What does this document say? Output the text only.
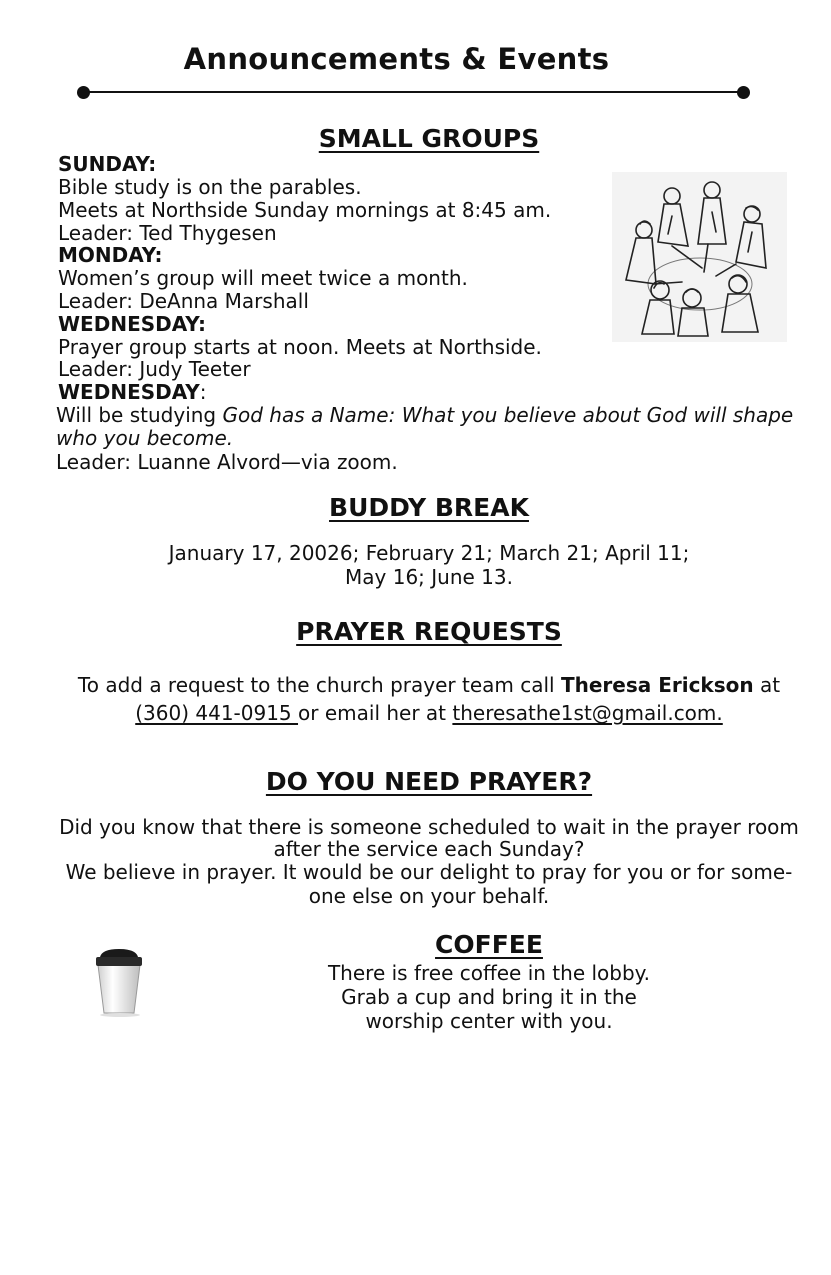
Announcements & Events
SMALL GROUPS
SUNDAY:
Bible study is on the parables.
Meets at Northside Sunday mornings at 8:45 am.
Leader: Ted Thygesen
MONDAY:
Women’s group will meet twice a month.
Leader: DeAnna Marshall
WEDNESDAY:
Prayer group starts at noon. Meets at Northside.
Leader: Judy Teeter
WEDNESDAY:
Will be studying God has a Name: What you believe about God will shape
who you become.
Leader: Luanne Alvord—via zoom.
BUDDY BREAK
January 17, 20026; February 21; March 21; April 11;
May 16; June 13.
PRAYER REQUESTS
To add a request to the church prayer team call Theresa Erickson at
(360) 441-0915 or email her at theresathe1st@gmail.com.
DO YOU NEED PRAYER?
Did you know that there is someone scheduled to wait in the prayer room
after the service each Sunday?
We believe in prayer. It would be our delight to pray for you or for some-
one else on your behalf.
COFFEE
There is free coffee in the lobby.
Grab a cup and bring it in the
worship center with you.
